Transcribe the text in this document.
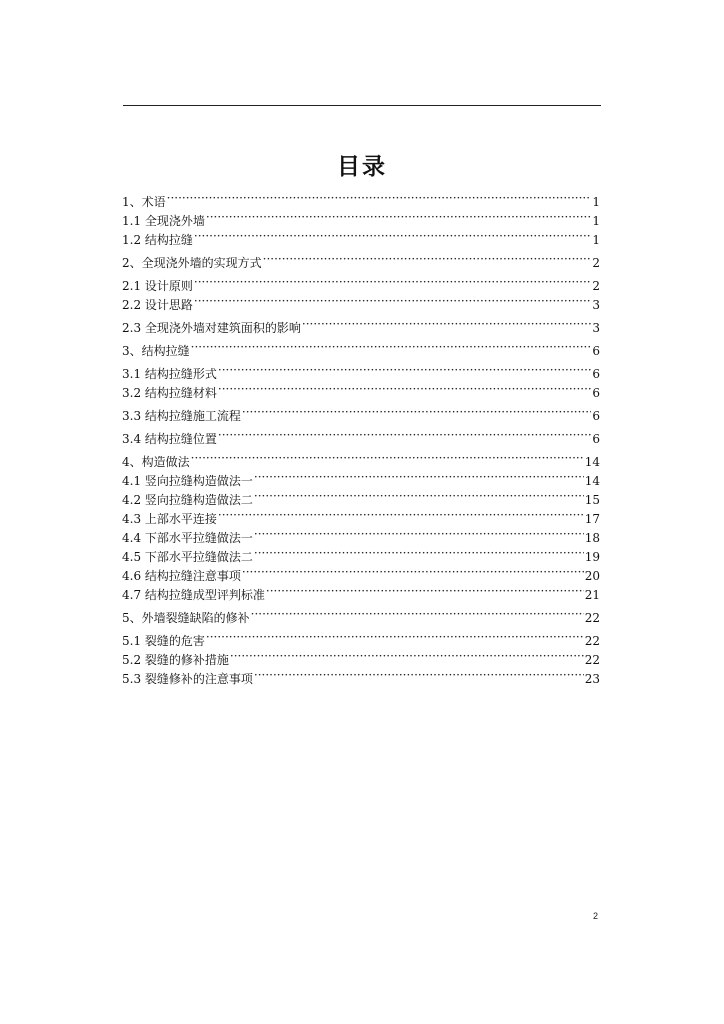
目录
1、术语 ·····	1
1.1 全现浇外墙 ·····	1
1.2 结构拉缝 ·····	1
2、全现浇外墙的实现方式 ·····	2
2.1 设计原则 ·····	2
2.2 设计思路 ·····	3
2.3 全现浇外墙对建筑面积的影响 ·····	3
3、结构拉缝 ·····	6
3.1 结构拉缝形式 ·····	6
3.2 结构拉缝材料 ·····	6
3.3 结构拉缝施工流程 ·····	6
3.4 结构拉缝位置 ·····	6
4、构造做法 ·····	14
4.1 竖向拉缝构造做法一 ·····	14
4.2 竖向拉缝构造做法二 ·····	15
4.3 上部水平连接 ·····	17
4.4 下部水平拉缝做法一 ·····	18
4.5 下部水平拉缝做法二 ·····	19
4.6 结构拉缝注意事项 ·····	20
4.7 结构拉缝成型评判标准 ·····	21
5、外墙裂缝缺陷的修补 ·····	22
5.1 裂缝的危害 ·····	22
5.2 裂缝的修补措施 ·····	22
5.3 裂缝修补的注意事项 ·····	23
2
